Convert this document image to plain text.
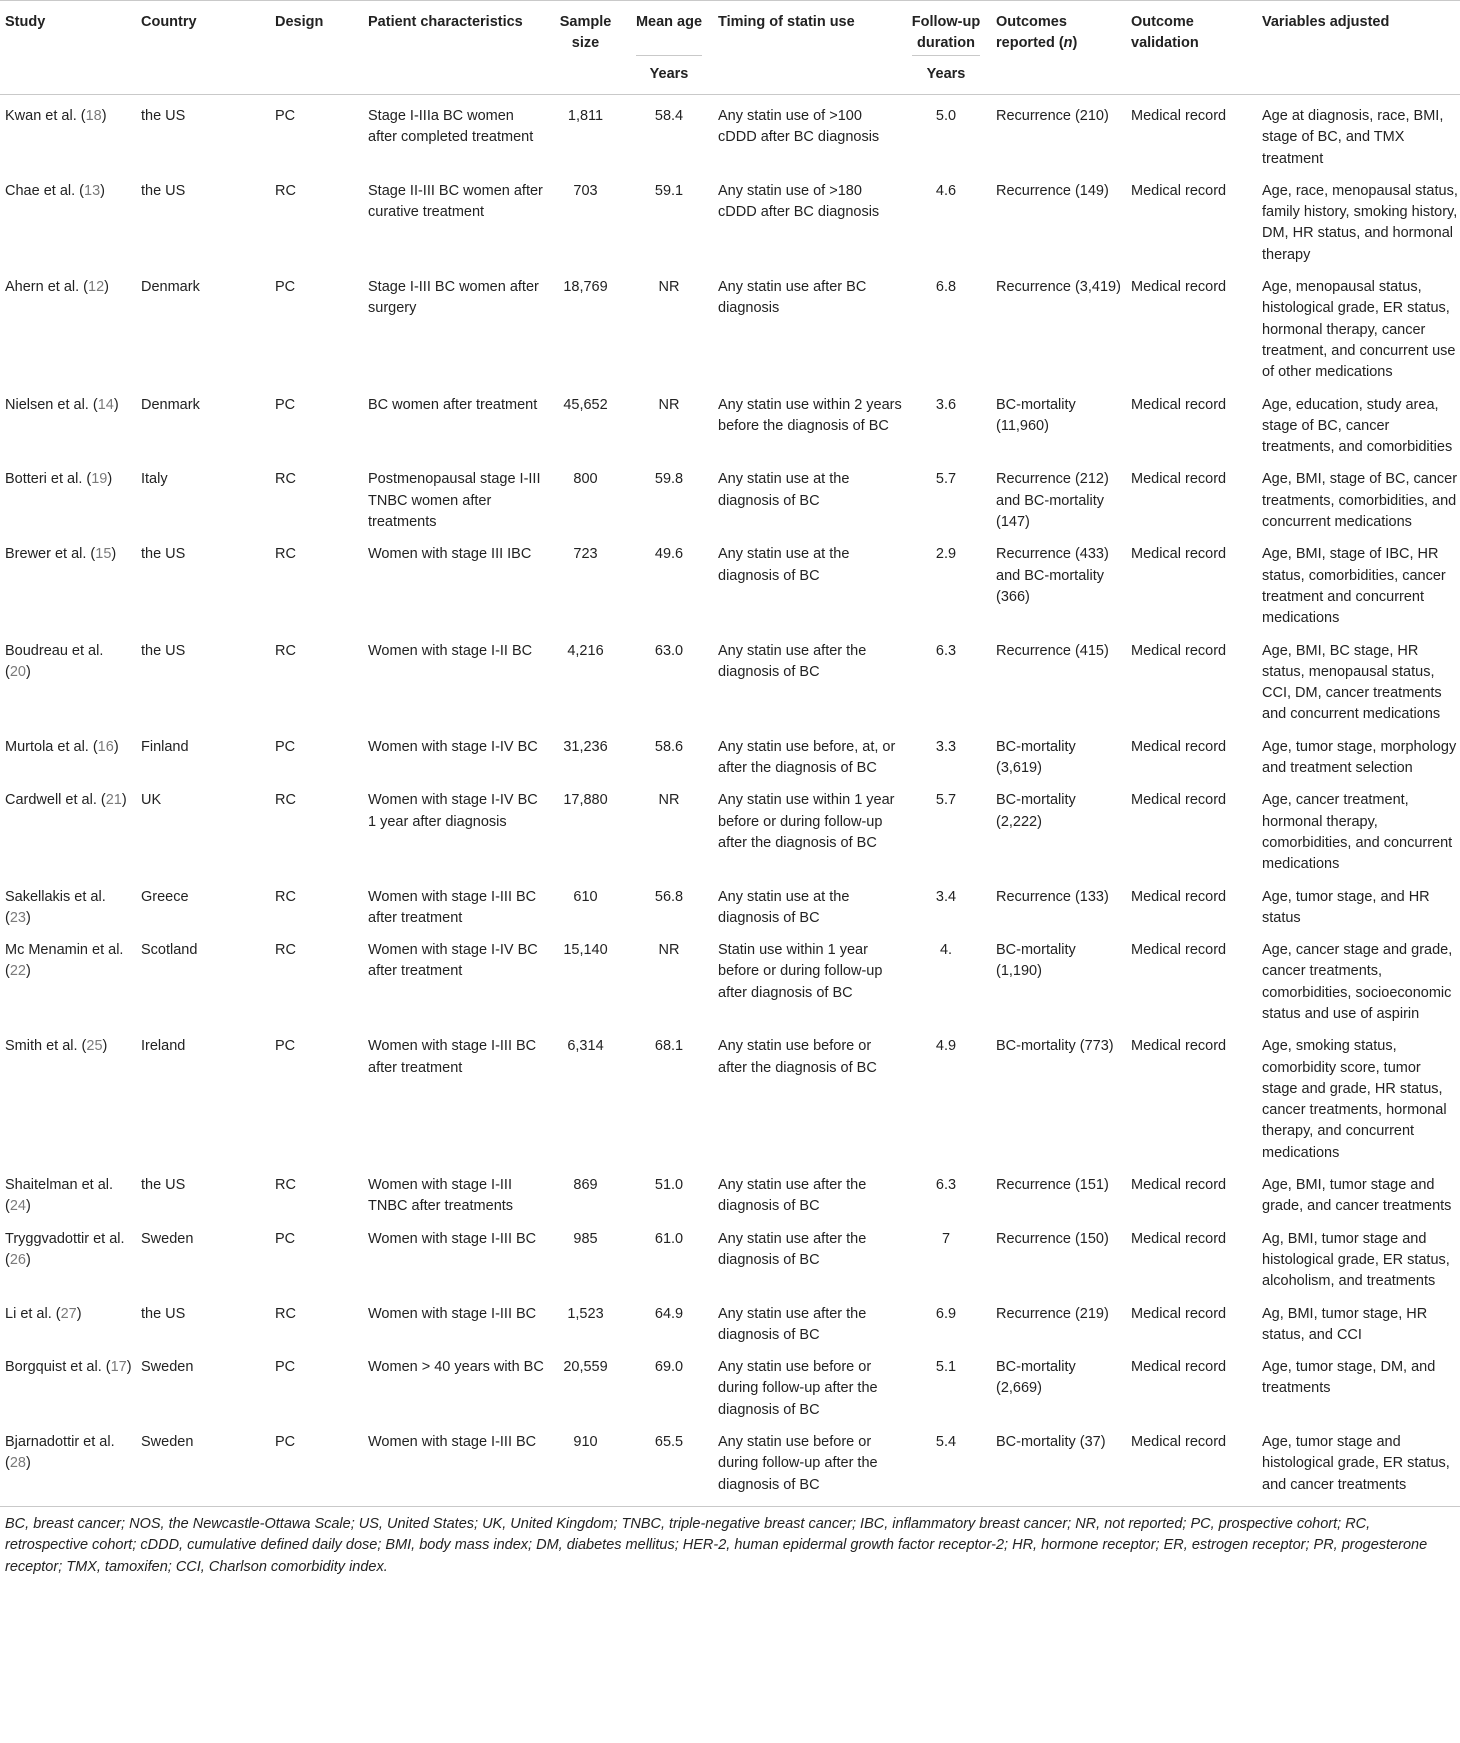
Study	Country	Design	Patient characteristics	Sample size	Mean age	Timing of statin use	Follow-up duration	Outcomes reported (n)	Outcome validation	Variables adjusted
					Years		Years			
Kwan et al. (18)	the US	PC	Stage I-IIIa BC women after completed treatment	1,811	58.4	Any statin use of >100 cDDD after BC diagnosis	5.0	Recurrence (210)	Medical record	Age at diagnosis, race, BMI, stage of BC, and TMX treatment
Chae et al. (13)	the US	RC	Stage II-III BC women after curative treatment	703	59.1	Any statin use of >180 cDDD after BC diagnosis	4.6	Recurrence (149)	Medical record	Age, race, menopausal status, family history, smoking history, DM, HR status, and hormonal therapy
Ahern et al. (12)	Denmark	PC	Stage I-III BC women after surgery	18,769	NR	Any statin use after BC diagnosis	6.8	Recurrence (3,419)	Medical record	Age, menopausal status, histological grade, ER status, hormonal therapy, cancer treatment, and concurrent use of other medications
Nielsen et al. (14)	Denmark	PC	BC women after treatment	45,652	NR	Any statin use within 2 years before the diagnosis of BC	3.6	BC-mortality (11,960)	Medical record	Age, education, study area, stage of BC, cancer treatments, and comorbidities
Botteri et al. (19)	Italy	RC	Postmenopausal stage I-III TNBC women after treatments	800	59.8	Any statin use at the diagnosis of BC	5.7	Recurrence (212) and BC-mortality (147)	Medical record	Age, BMI, stage of BC, cancer treatments, comorbidities, and concurrent medications
Brewer et al. (15)	the US	RC	Women with stage III IBC	723	49.6	Any statin use at the diagnosis of BC	2.9	Recurrence (433) and BC-mortality (366)	Medical record	Age, BMI, stage of IBC, HR status, comorbidities, cancer treatment and concurrent medications
Boudreau et al. (20)	the US	RC	Women with stage I-II BC	4,216	63.0	Any statin use after the diagnosis of BC	6.3	Recurrence (415)	Medical record	Age, BMI, BC stage, HR status, menopausal status, CCI, DM, cancer treatments and concurrent medications
Murtola et al. (16)	Finland	PC	Women with stage I-IV BC	31,236	58.6	Any statin use before, at, or after the diagnosis of BC	3.3	BC-mortality (3,619)	Medical record	Age, tumor stage, morphology and treatment selection
Cardwell et al. (21)	UK	RC	Women with stage I-IV BC 1 year after diagnosis	17,880	NR	Any statin use within 1 year before or during follow-up after the diagnosis of BC	5.7	BC-mortality (2,222)	Medical record	Age, cancer treatment, hormonal therapy, comorbidities, and concurrent medications
Sakellakis et al. (23)	Greece	RC	Women with stage I-III BC after treatment	610	56.8	Any statin use at the diagnosis of BC	3.4	Recurrence (133)	Medical record	Age, tumor stage, and HR status
Mc Menamin et al. (22)	Scotland	RC	Women with stage I-IV BC after treatment	15,140	NR	Statin use within 1 year before or during follow-up after diagnosis of BC	4.	BC-mortality (1,190)	Medical record	Age, cancer stage and grade, cancer treatments, comorbidities, socioeconomic status and use of aspirin
Smith et al. (25)	Ireland	PC	Women with stage I-III BC after treatment	6,314	68.1	Any statin use before or after the diagnosis of BC	4.9	BC-mortality (773)	Medical record	Age, smoking status, comorbidity score, tumor stage and grade, HR status, cancer treatments, hormonal therapy, and concurrent medications
Shaitelman et al. (24)	the US	RC	Women with stage I-III TNBC after treatments	869	51.0	Any statin use after the diagnosis of BC	6.3	Recurrence (151)	Medical record	Age, BMI, tumor stage and grade, and cancer treatments
Tryggvadottir et al. (26)	Sweden	PC	Women with stage I-III BC	985	61.0	Any statin use after the diagnosis of BC	7	Recurrence (150)	Medical record	Ag, BMI, tumor stage and histological grade, ER status, alcoholism, and treatments
Li et al. (27)	the US	RC	Women with stage I-III BC	1,523	64.9	Any statin use after the diagnosis of BC	6.9	Recurrence (219)	Medical record	Ag, BMI, tumor stage, HR status, and CCI
Borgquist et al. (17)	Sweden	PC	Women > 40 years with BC	20,559	69.0	Any statin use before or during follow-up after the diagnosis of BC	5.1	BC-mortality (2,669)	Medical record	Age, tumor stage, DM, and treatments
Bjarnadottir et al. (28)	Sweden	PC	Women with stage I-III BC	910	65.5	Any statin use before or during follow-up after the diagnosis of BC	5.4	BC-mortality (37)	Medical record	Age, tumor stage and histological grade, ER status, and cancer treatments
BC, breast cancer; NOS, the Newcastle-Ottawa Scale; US, United States; UK, United Kingdom; TNBC, triple-negative breast cancer; IBC, inflammatory breast cancer; NR, not reported; PC, prospective cohort; RC, retrospective cohort; cDDD, cumulative defined daily dose; BMI, body mass index; DM, diabetes mellitus; HER-2, human epidermal growth factor receptor-2; HR, hormone receptor; ER, estrogen receptor; PR, progesterone receptor; TMX, tamoxifen; CCI, Charlson comorbidity index.
